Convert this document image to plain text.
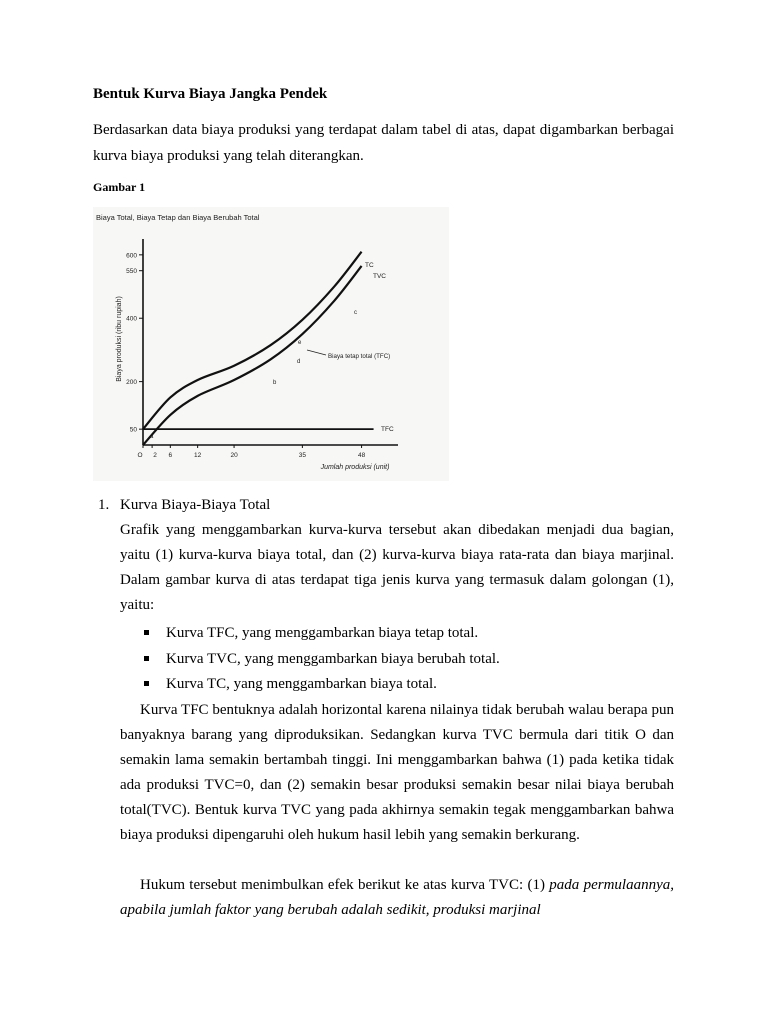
Bentuk Kurva Biaya Jangka Pendek

Berdasarkan data biaya produksi yang terdapat dalam tabel di atas, dapat digambarkan berbagai kurva biaya produksi yang telah diterangkan.

Gambar 1
Biaya Total, Biaya Tetap dan Biaya Berubah Total
Biaya produksi (ribu rupiah)
Jumlah produksi (unit)
50
200
400
550
600
O 2 6	12	20	35	48
TC
TVC
TFC
a
b
c
d
e
Biaya tetap total (TFC)
1. Kurva Biaya-Biaya Total

Grafik yang menggambarkan kurva-kurva tersebut akan dibedakan menjadi dua bagian, yaitu (1) kurva-kurva biaya total, dan (2) kurva-kurva biaya rata-rata dan biaya marjinal. Dalam gambar kurva di atas terdapat tiga jenis kurva yang termasuk dalam golongan (1), yaitu:

Kurva TFC, yang menggambarkan biaya tetap total.
Kurva TVC, yang menggambarkan biaya berubah total.
Kurva TC, yang menggambarkan biaya total.

Kurva TFC bentuknya adalah horizontal karena nilainya tidak berubah walau berapa pun banyaknya barang yang diproduksikan. Sedangkan kurva TVC bermula dari titik O dan semakin lama semakin bertambah tinggi. Ini menggambarkan bahwa (1) pada ketika tidak ada produksi TVC=0, dan (2) semakin besar produksi semakin besar nilai biaya berubah total(TVC). Bentuk kurva TVC yang pada akhirnya semakin tegak menggambarkan bahwa biaya produksi dipengaruhi oleh hukum hasil lebih yang semakin berkurang.

Hukum tersebut menimbulkan efek berikut ke atas kurva TVC: (1) pada permulaannya, apabila jumlah faktor yang berubah adalah sedikit, produksi marjinal
